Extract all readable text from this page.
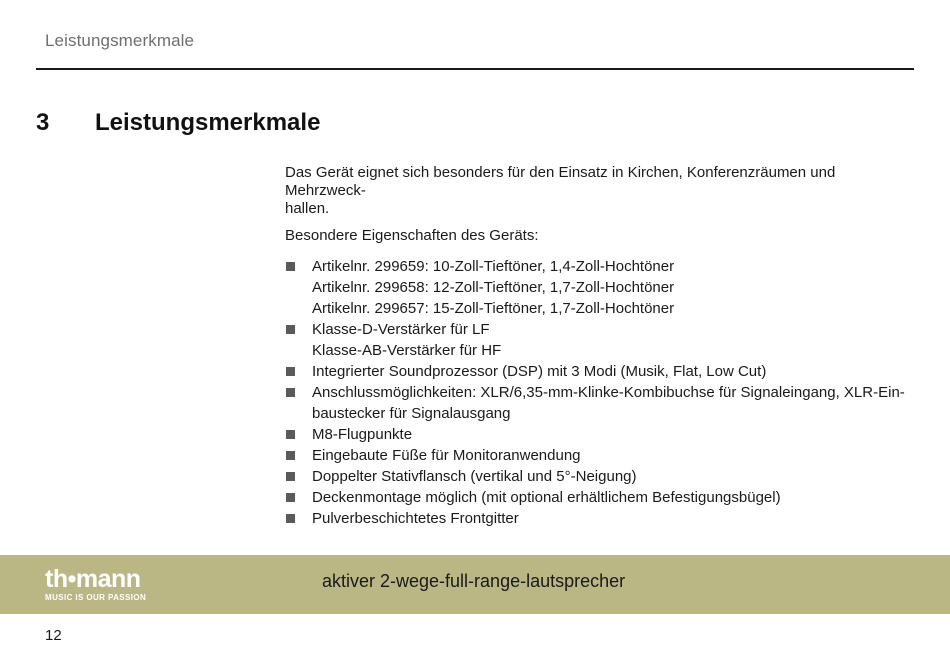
Leistungsmerkmale
3 Leistungsmerkmale

Das Gerät eignet sich besonders für den Einsatz in Kirchen, Konferenzräumen und Mehrzweck-
hallen.

Besondere Eigenschaften des Geräts:

Artikelnr. 299659: 10-Zoll-Tieftöner, 1,4-Zoll-Hochtöner
Artikelnr. 299658: 12-Zoll-Tieftöner, 1,7-Zoll-Hochtöner
Artikelnr. 299657: 15-Zoll-Tieftöner, 1,7-Zoll-Hochtöner
Klasse-D-Verstärker für LF
Klasse-AB-Verstärker für HF
Integrierter Soundprozessor (DSP) mit 3 Modi (Musik, Flat, Low Cut)
Anschlussmöglichkeiten: XLR/6,35-mm-Klinke-Kombibuchse für Signaleingang, XLR-Ein-
baustecker für Signalausgang
M8-Flugpunkte
Eingebaute Füße für Monitoranwendung
Doppelter Stativflansch (vertikal und 5°-Neigung)
Deckenmontage möglich (mit optional erhältlichem Befestigungsbügel)
Pulverbeschichtetes Frontgitter
th•mann
MUSIC IS OUR PASSION
aktiver 2-wege-full-range-lautsprecher
12
